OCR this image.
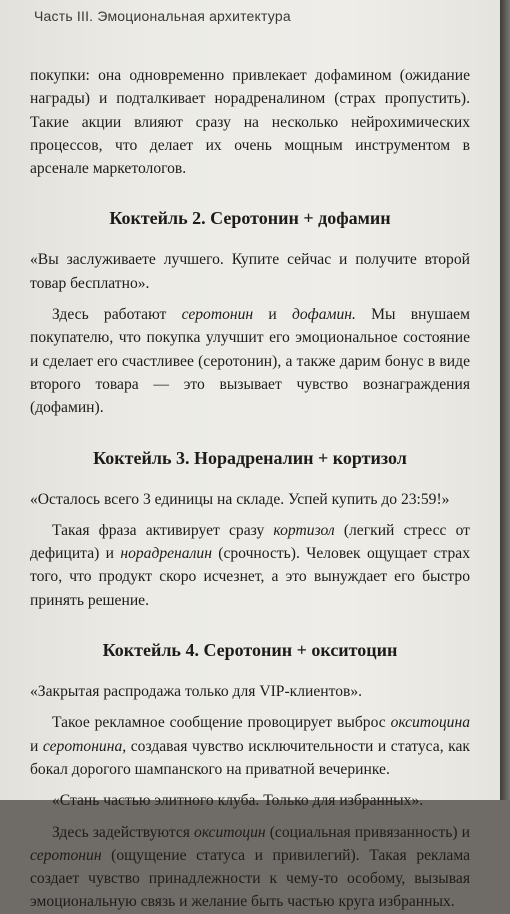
Часть III. Эмоциональная архитектура

покупки: она одновременно привлекает дофамином (ожидание награды) и подталкивает норадреналином (страх пропустить). Такие акции влияют сразу на несколько нейрохимических процессов, что делает их очень мощным инструментом в арсенале маркетологов.

Коктейль 2. Серотонин + дофамин

«Вы заслуживаете лучшего. Купите сейчас и получите второй товар бесплатно».

Здесь работают серотонин и дофамин. Мы внушаем покупателю, что покупка улучшит его эмоциональное состояние и сделает его счастливее (серотонин), а также дарим бонус в виде второго товара — это вызывает чувство вознаграждения (дофамин).

Коктейль 3. Норадреналин + кортизол

«Осталось всего 3 единицы на складе. Успей купить до 23:59!»

Такая фраза активирует сразу кортизол (легкий стресс от дефицита) и норадреналин (срочность). Человек ощущает страх того, что продукт скоро исчезнет, а это вынуждает его быстро принять решение.

Коктейль 4. Серотонин + окситоцин

«Закрытая распродажа только для VIP-клиентов».

Такое рекламное сообщение провоцирует выброс окситоцина и серотонина, создавая чувство исключительности и статуса, как бокал дорогого шампанского на приватной вечеринке.

«Стань частью элитного клуба. Только для избранных».

Здесь задействуются окситоцин (социальная привязанность) и серотонин (ощущение статуса и привилегий). Такая реклама создает чувство принадлежности к чему-то особому, вызывая эмоциональную связь и желание быть частью круга избранных.
